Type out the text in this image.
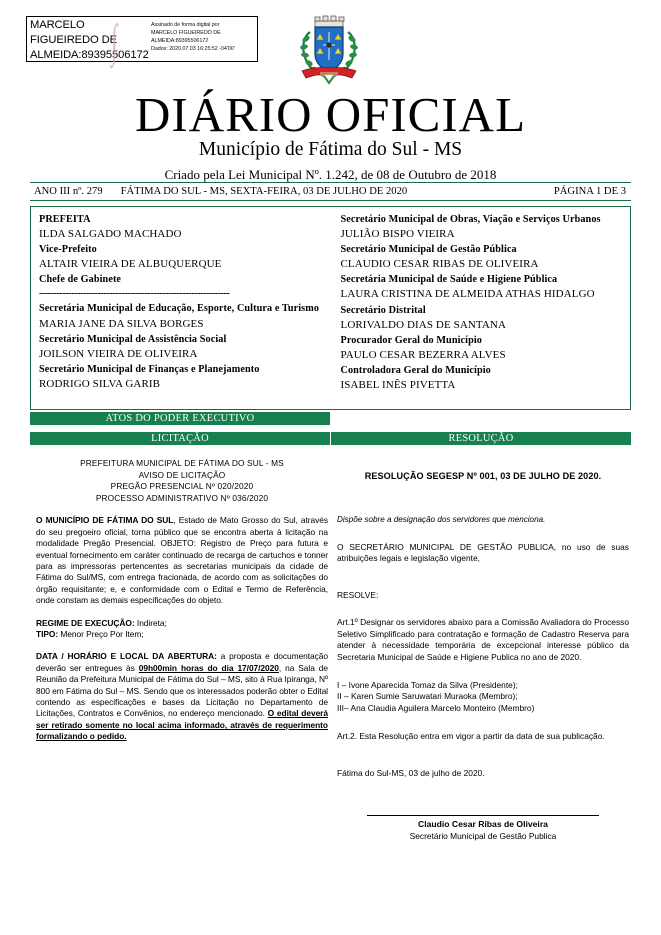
MARCELO FIGUEIREDO DE ALMEIDA:89395506172
Assinado de forma digital por
MARCELO FIGUEIREDO DE
ALMEIDA:89395506172
Dados: 2020.07.03 16:25:52 -04'00'
∫
DIÁRIO OFICIAL
Município de Fátima do Sul - MS
Criado pela Lei Municipal Nº. 1.242, de 08 de Outubro de 2018
ANO III nº. 279	FÁTIMA DO SUL - MS, SEXTA-FEIRA, 03 DE JULHO DE 2020	PÁGINA 1 DE 3
PREFEITA
ILDA SALGADO MACHADO
Vice-Prefeito
ALTAIR VIEIRA DE ALBUQUERQUE
Chefe de Gabinete
-----------------------------------------------------------------
Secretária Municipal de Educação, Esporte, Cultura e Turismo
MARIA JANE DA SILVA BORGES
Secretário Municipal de Assistência Social
JOILSON VIEIRA DE OLIVEIRA
Secretário Municipal de Finanças e Planejamento
RODRIGO SILVA GARIB
Secretário Municipal de Obras, Viação e Serviços Urbanos
JULIÃO BISPO VIEIRA
Secretário Municipal de Gestão Pública
CLAUDIO CESAR RIBAS DE OLIVEIRA
Secretária Municipal de Saúde e Higiene Pública
LAURA CRISTINA DE ALMEIDA ATHAS HIDALGO
Secretário Distrital
LORIVALDO DIAS DE SANTANA
Procurador Geral do Município
PAULO CESAR BEZERRA ALVES
Controladora Geral do Município
ISABEL INÊS PIVETTA
ATOS DO PODER EXECUTIVO
LICITAÇÃO	RESOLUÇÃO
PREFEITURA MUNICIPAL DE FÁTIMA DO SUL - MS
AVISO DE LICITAÇÃO
PREGÃO PRESENCIAL Nº 020/2020
PROCESSO ADMINISTRATIVO Nº 036/2020
O MUNICÍPIO DE FÁTIMA DO SUL, Estado de Mato Grosso do Sul, através do seu pregoeiro oficial, torna público que se encontra aberta à licitação na modalidade Pregão Presencial. OBJETO: Registro de Preço para futura e eventual fornecimento em caráter continuado de recarga de cartuchos e tonner para as impressoras pertencentes as secretarias municipais da cidade de Fátima do Sul/MS, com entrega fracionada, de acordo com as solicitações do órgão requisitante; e, e conformidade com o Edital e Termo de Referência, onde constam as demais especificações do objeto.
REGIME DE EXECUÇÃO: Indireta;
TIPO: Menor Preço Por Item;
DATA / HORÁRIO E LOCAL DA ABERTURA: a proposta e documentação deverão ser entregues às 09h00min horas do dia 17/07/2020, na Sala de Reunião da Prefeitura Municipal de Fátima do Sul – MS, sito á Rua Ipiranga, Nº 800 em Fátima do Sul – MS. Sendo que os interessados poderão obter o Edital contendo as especificações e bases da Licitação no Departamento de Licitações, Contratos e Convênios, no endereço mencionado. O edital deverá ser retirado somente no local acima informado, através de requerimento formalizando o pedido.
RESOLUÇÃO SEGESP Nº 001, 03 DE JULHO DE 2020.
Dispõe sobre a designação dos servidores que menciona.
O SECRETÁRIO MUNICIPAL DE GESTÃO PUBLICA, no uso de suas atribuições legais e legislação vigente,
RESOLVE:
Art.1º Designar os servidores abaixo para a Comissão Avaliadora do Processo Seletivo Simplificado para contratação e formação de Cadastro Reserva para atender à necessidade temporária de excepcional interesse público da Secretaria Municipal de Saúde e Higiene Publica no ano de 2020.
I – Ivone Aparecida Tomaz da Silva (Presidente);
II – Karen Sumie Saruwatari Muraoka (Membro);
III– Ana Claudia Aguilera Marcelo Monteiro (Membro)
Art.2. Esta Resolução entra em vigor a partir da data de sua publicação.
Fátima do Sul-MS, 03 de julho de 2020.
Claudio Cesar Ribas de Oliveira
Secretário Municipal de Gestão Publica
